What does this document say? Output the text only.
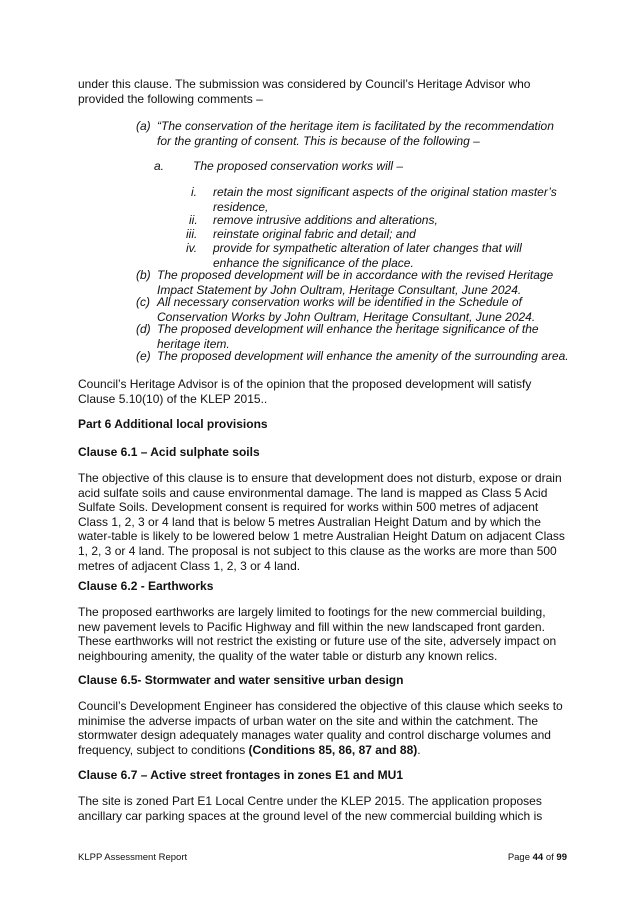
under this clause. The submission was considered by Council’s Heritage Advisor who provided the following comments –

(a) “The conservation of the heritage item is facilitated by the recommendation for the granting of consent. This is because of the following –

a. The proposed conservation works will –

i. retain the most significant aspects of the original station master’s residence,

ii. remove intrusive additions and alterations,

iii. reinstate original fabric and detail; and

iv. provide for sympathetic alteration of later changes that will enhance the significance of the place.

(b) The proposed development will be in accordance with the revised Heritage Impact Statement by John Oultram, Heritage Consultant, June 2024.

(c) All necessary conservation works will be identified in the Schedule of Conservation Works by John Oultram, Heritage Consultant, June 2024.

(d) The proposed development will enhance the heritage significance of the heritage item.

(e) The proposed development will enhance the amenity of the surrounding area.

Council’s Heritage Advisor is of the opinion that the proposed development will satisfy Clause 5.10(10) of the KLEP 2015..

Part 6 Additional local provisions

Clause 6.1 – Acid sulphate soils

The objective of this clause is to ensure that development does not disturb, expose or drain acid sulfate soils and cause environmental damage. The land is mapped as Class 5 Acid Sulfate Soils. Development consent is required for works within 500 metres of adjacent Class 1, 2, 3 or 4 land that is below 5 metres Australian Height Datum and by which the water-table is likely to be lowered below 1 metre Australian Height Datum on adjacent Class 1, 2, 3 or 4 land. The proposal is not subject to this clause as the works are more than 500 metres of adjacent Class 1, 2, 3 or 4 land.

Clause 6.2 - Earthworks

The proposed earthworks are largely limited to footings for the new commercial building, new pavement levels to Pacific Highway and fill within the new landscaped front garden. These earthworks will not restrict the existing or future use of the site, adversely impact on neighbouring amenity, the quality of the water table or disturb any known relics.

Clause 6.5- Stormwater and water sensitive urban design

Council’s Development Engineer has considered the objective of this clause which seeks to minimise the adverse impacts of urban water on the site and within the catchment. The stormwater design adequately manages water quality and control discharge volumes and frequency, subject to conditions (Conditions 85, 86, 87 and 88).

Clause 6.7 – Active street frontages in zones E1 and MU1

The site is zoned Part E1 Local Centre under the KLEP 2015. The application proposes ancillary car parking spaces at the ground level of the new commercial building which is

KLPP Assessment Report	Page 44 of 99
